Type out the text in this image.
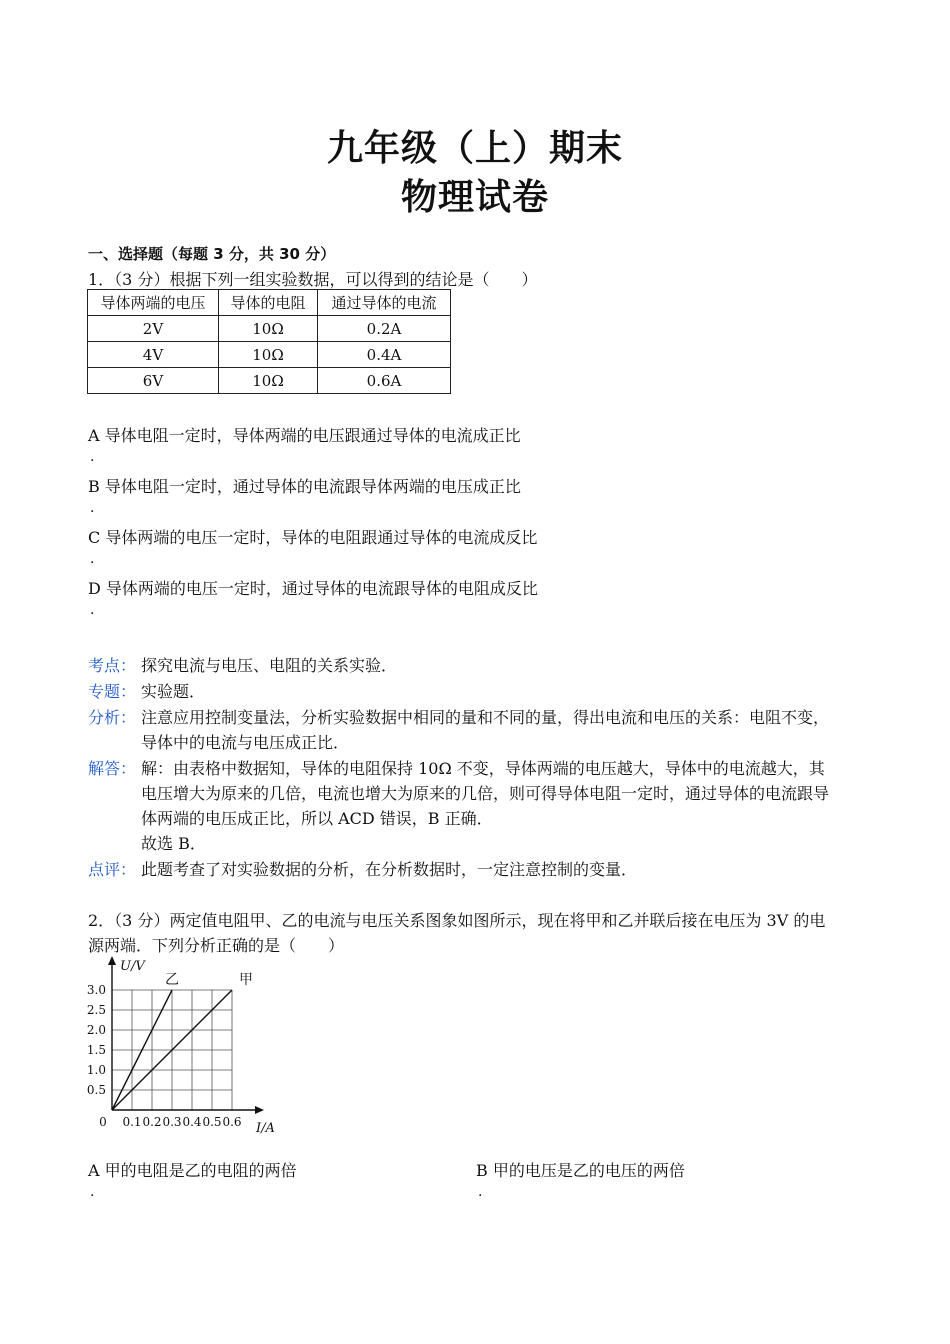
九年级（上）期末
物理试卷
一、选择题（每题 3 分，共 30 分）
1．（3 分）根据下列一组实验数据，可以得到的结论是（　　）
导体两端的电压	导体的电阻	通过导体的电流
2V	10Ω	0.2A
4V	10Ω	0.4A
6V	10Ω	0.6A
A 导体电阻一定时，导体两端的电压跟通过导体的电流成正比
.
B 导体电阻一定时，通过导体的电流跟导体两端的电压成正比
.
C 导体两端的电压一定时，导体的电阻跟通过导体的电流成反比
.
D 导体两端的电压一定时，通过导体的电流跟导体的电阻成反比
.
考点： 探究电流与电压、电阻的关系实验．
专题： 实验题．
分析： 注意应用控制变量法，分析实验数据中相同的量和不同的量，得出电流和电压的关系：电阻不变，
导体中的电流与电压成正比．
解答： 解：由表格中数据知，导体的电阻保持 10Ω 不变，导体两端的电压越大，导体中的电流越大，其
电压增大为原来的几倍，电流也增大为原来的几倍，则可得导体电阻一定时，通过导体的电流跟导
体两端的电压成正比，所以 ACD 错误，B 正确．
故选 B．
点评： 此题考查了对实验数据的分析，在分析数据时，一定注意控制的变量．
2．（3 分）两定值电阻甲、乙的电流与电压关系图象如图所示，现在将甲和乙并联后接在电压为 3V 的电
源两端．下列分析正确的是（　　）
0 0.1 0.2 0.3 0.4 0.5 0.6
0.5
1.0
1.5
2.0
2.5
3.0
U/V
I/A
乙	甲
A 甲的电阻是乙的电阻的两倍
.
B 甲的电压是乙的电压的两倍
.
